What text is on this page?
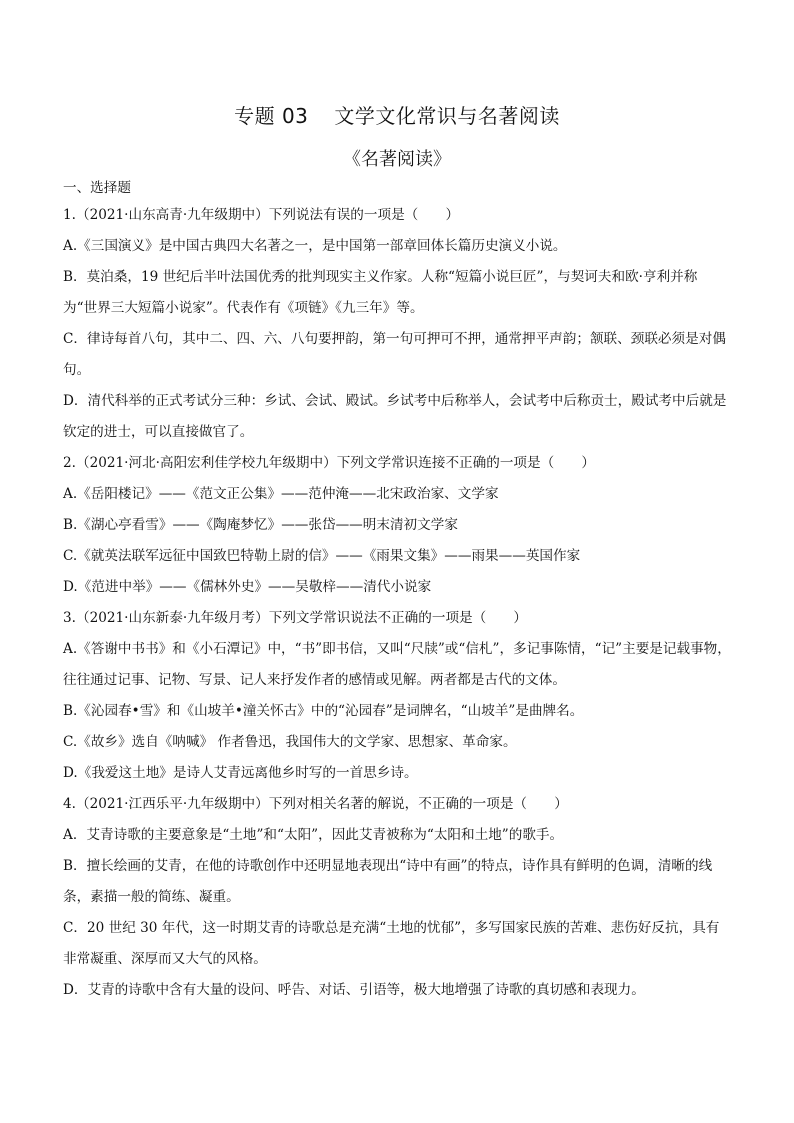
专题 03 文学文化常识与名著阅读
《名著阅读》

一、选择题

1.（2021·山东高青·九年级期中）下列说法有误的一项是（　　）

A.《三国演义》是中国古典四大名著之一，是中国第一部章回体长篇历史演义小说。

B．莫泊桑，19 世纪后半叶法国优秀的批判现实主义作家。人称“短篇小说巨匠”，与契诃夫和欧·亨利并称为“世界三大短篇小说家”。代表作有《项链》《九三年》等。

C．律诗每首八句，其中二、四、六、八句要押韵，第一句可押可不押，通常押平声韵；颔联、颈联必须是对偶句。

D．清代科举的正式考试分三种：乡试、会试、殿试。乡试考中后称举人，会试考中后称贡士，殿试考中后就是钦定的进士，可以直接做官了。

2.（2021·河北·高阳宏利佳学校九年级期中）下列文学常识连接不正确的一项是（　　）

A.《岳阳楼记》——《范文正公集》——范仲淹——北宋政治家、文学家

B.《湖心亭看雪》——《陶庵梦忆》——张岱——明末清初文学家

C.《就英法联军远征中国致巴特勒上尉的信》——《雨果文集》——雨果——英国作家

D.《范进中举》——《儒林外史》——吴敬梓——清代小说家

3.（2021·山东新泰·九年级月考）下列文学常识说法不正确的一项是（　　）

A.《答谢中书书》和《小石潭记》中，“书”即书信，又叫“尺牍”或“信札”，多记事陈情，“记”主要是记载事物，往往通过记事、记物、写景、记人来抒发作者的感情或见解。两者都是古代的文体。

B.《沁园春•雪》和《山坡羊•潼关怀古》中的“沁园春”是词牌名，“山坡羊”是曲牌名。

C.《故乡》选自《呐喊》 作者鲁迅，我国伟大的文学家、思想家、革命家。

D.《我爱这土地》是诗人艾青远离他乡时写的一首思乡诗。

4.（2021·江西乐平·九年级期中）下列对相关名著的解说，不正确的一项是（　　）

A．艾青诗歌的主要意象是“土地”和“太阳”，因此艾青被称为“太阳和土地”的歌手。

B．擅长绘画的艾青，在他的诗歌创作中还明显地表现出“诗中有画”的特点，诗作具有鲜明的色调，清晰的线条，素描一般的简练、凝重。

C．20 世纪 30 年代，这一时期艾青的诗歌总是充满“土地的忧郁”，多写国家民族的苦难、悲伤好反抗，具有非常凝重、深厚而又大气的风格。

D．艾青的诗歌中含有大量的设问、呼告、对话、引语等，极大地增强了诗歌的真切感和表现力。
